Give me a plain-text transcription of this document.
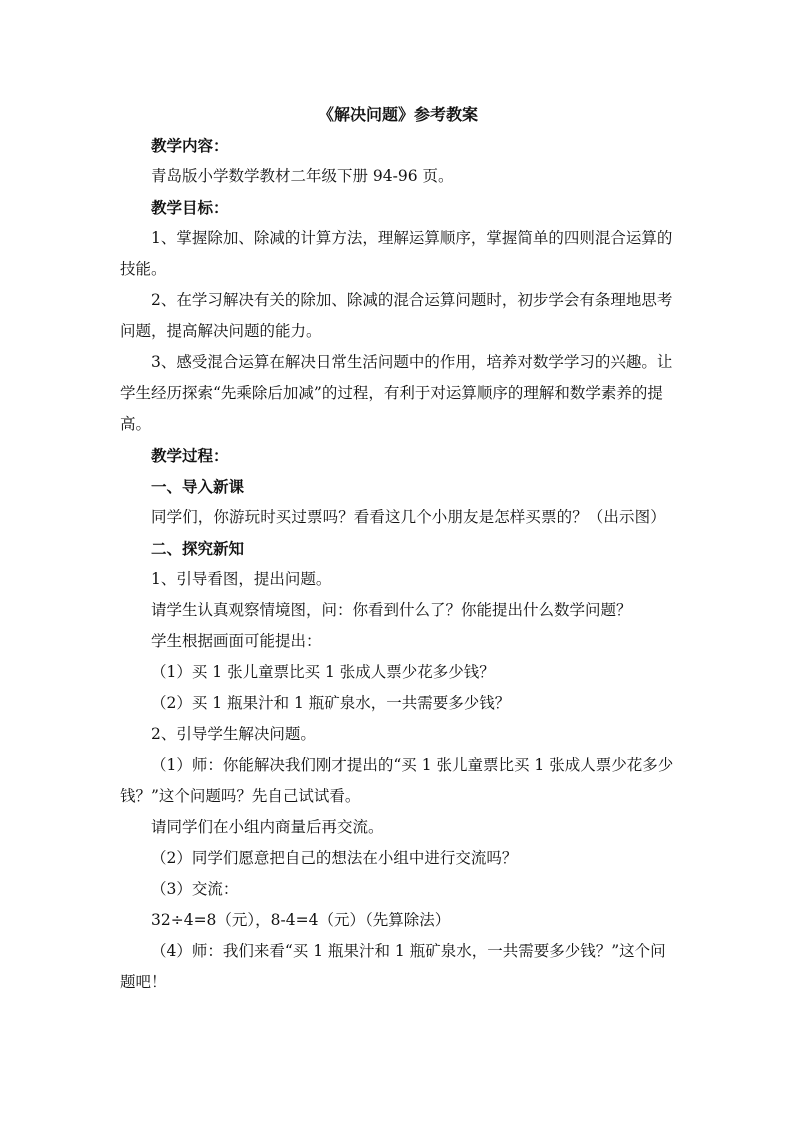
《解决问题》参考教案

教学内容：

青岛版小学数学教材二年级下册 94-96 页。

教学目标：

1、掌握除加、除减的计算方法，理解运算顺序，掌握简单的四则混合运算的技能。

2、在学习解决有关的除加、除减的混合运算问题时，初步学会有条理地思考问题，提高解决问题的能力。

3、感受混合运算在解决日常生活问题中的作用，培养对数学学习的兴趣。让学生经历探索“先乘除后加减”的过程，有利于对运算顺序的理解和数学素养的提高。

教学过程：

一、导入新课

同学们，你游玩时买过票吗？看看这几个小朋友是怎样买票的？（出示图）

二、探究新知

1、引导看图，提出问题。

请学生认真观察情境图，问：你看到什么了？你能提出什么数学问题？

学生根据画面可能提出：

（1）买 1 张儿童票比买 1 张成人票少花多少钱？

（2）买 1 瓶果汁和 1 瓶矿泉水，一共需要多少钱？

2、引导学生解决问题。

（1）师：你能解决我们刚才提出的“买 1 张儿童票比买 1 张成人票少花多少钱？”这个问题吗？先自己试试看。

请同学们在小组内商量后再交流。

（2）同学们愿意把自己的想法在小组中进行交流吗？

（3）交流：

32÷4=8（元），8-4=4（元）（先算除法）

（4）师：我们来看“买 1 瓶果汁和 1 瓶矿泉水，一共需要多少钱？”这个问题吧！
